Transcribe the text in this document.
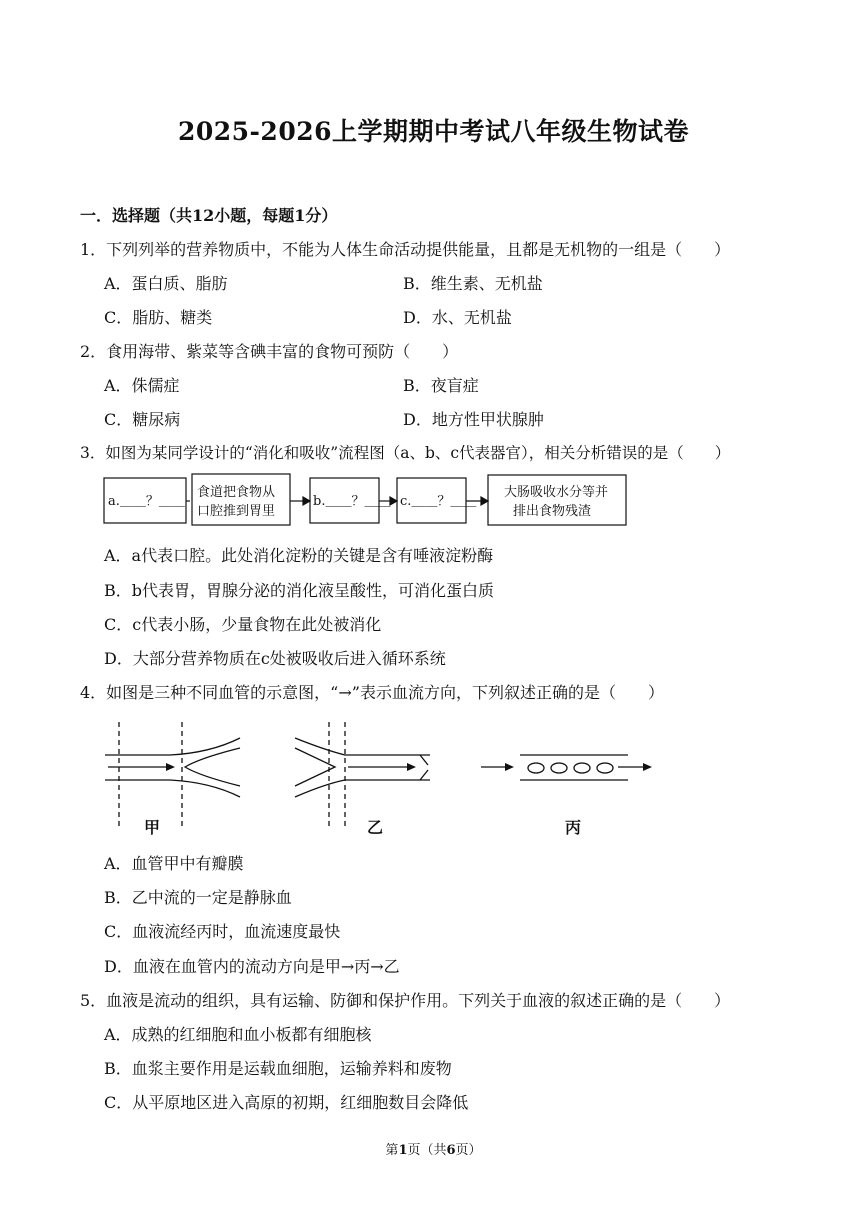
2025-2026上学期期中考试八年级生物试卷
一．选择题（共12小题，每题1分）
1．下列列举的营养物质中，不能为人体生命活动提供能量，且都是无机物的一组是（　　）
A．蛋白质、脂肪	B．维生素、无机盐
C．脂肪、糖类	D．水、无机盐
2．食用海带、紫菜等含碘丰富的食物可预防（　　）
A．侏儒症	B．夜盲症
C．糖尿病	D．地方性甲状腺肿
3．如图为某同学设计的“消化和吸收”流程图（a、b、c代表器官），相关分析错误的是（　　）
a.＿＿？＿＿
食道把食物从
口腔推到胃里
b.＿＿？＿＿ c.＿＿？＿＿
大肠吸收水分等并
排出食物残渣
A．a代表口腔。此处消化淀粉的关键是含有唾液淀粉酶
B．b代表胃，胃腺分泌的消化液呈酸性，可消化蛋白质
C．c代表小肠，少量食物在此处被消化
D．大部分营养物质在c处被吸收后进入循环系统
4．如图是三种不同血管的示意图，“→”表示血流方向，下列叙述正确的是（　　）
甲	乙	丙
A．血管甲中有瓣膜
B．乙中流的一定是静脉血
C．血液流经丙时，血流速度最快
D．血液在血管内的流动方向是甲→丙→乙
5．血液是流动的组织，具有运输、防御和保护作用。下列关于血液的叙述正确的是（　　）
A．成熟的红细胞和血小板都有细胞核
B．血浆主要作用是运载血细胞，运输养料和废物
C．从平原地区进入高原的初期，红细胞数目会降低
第1页（共6页）
